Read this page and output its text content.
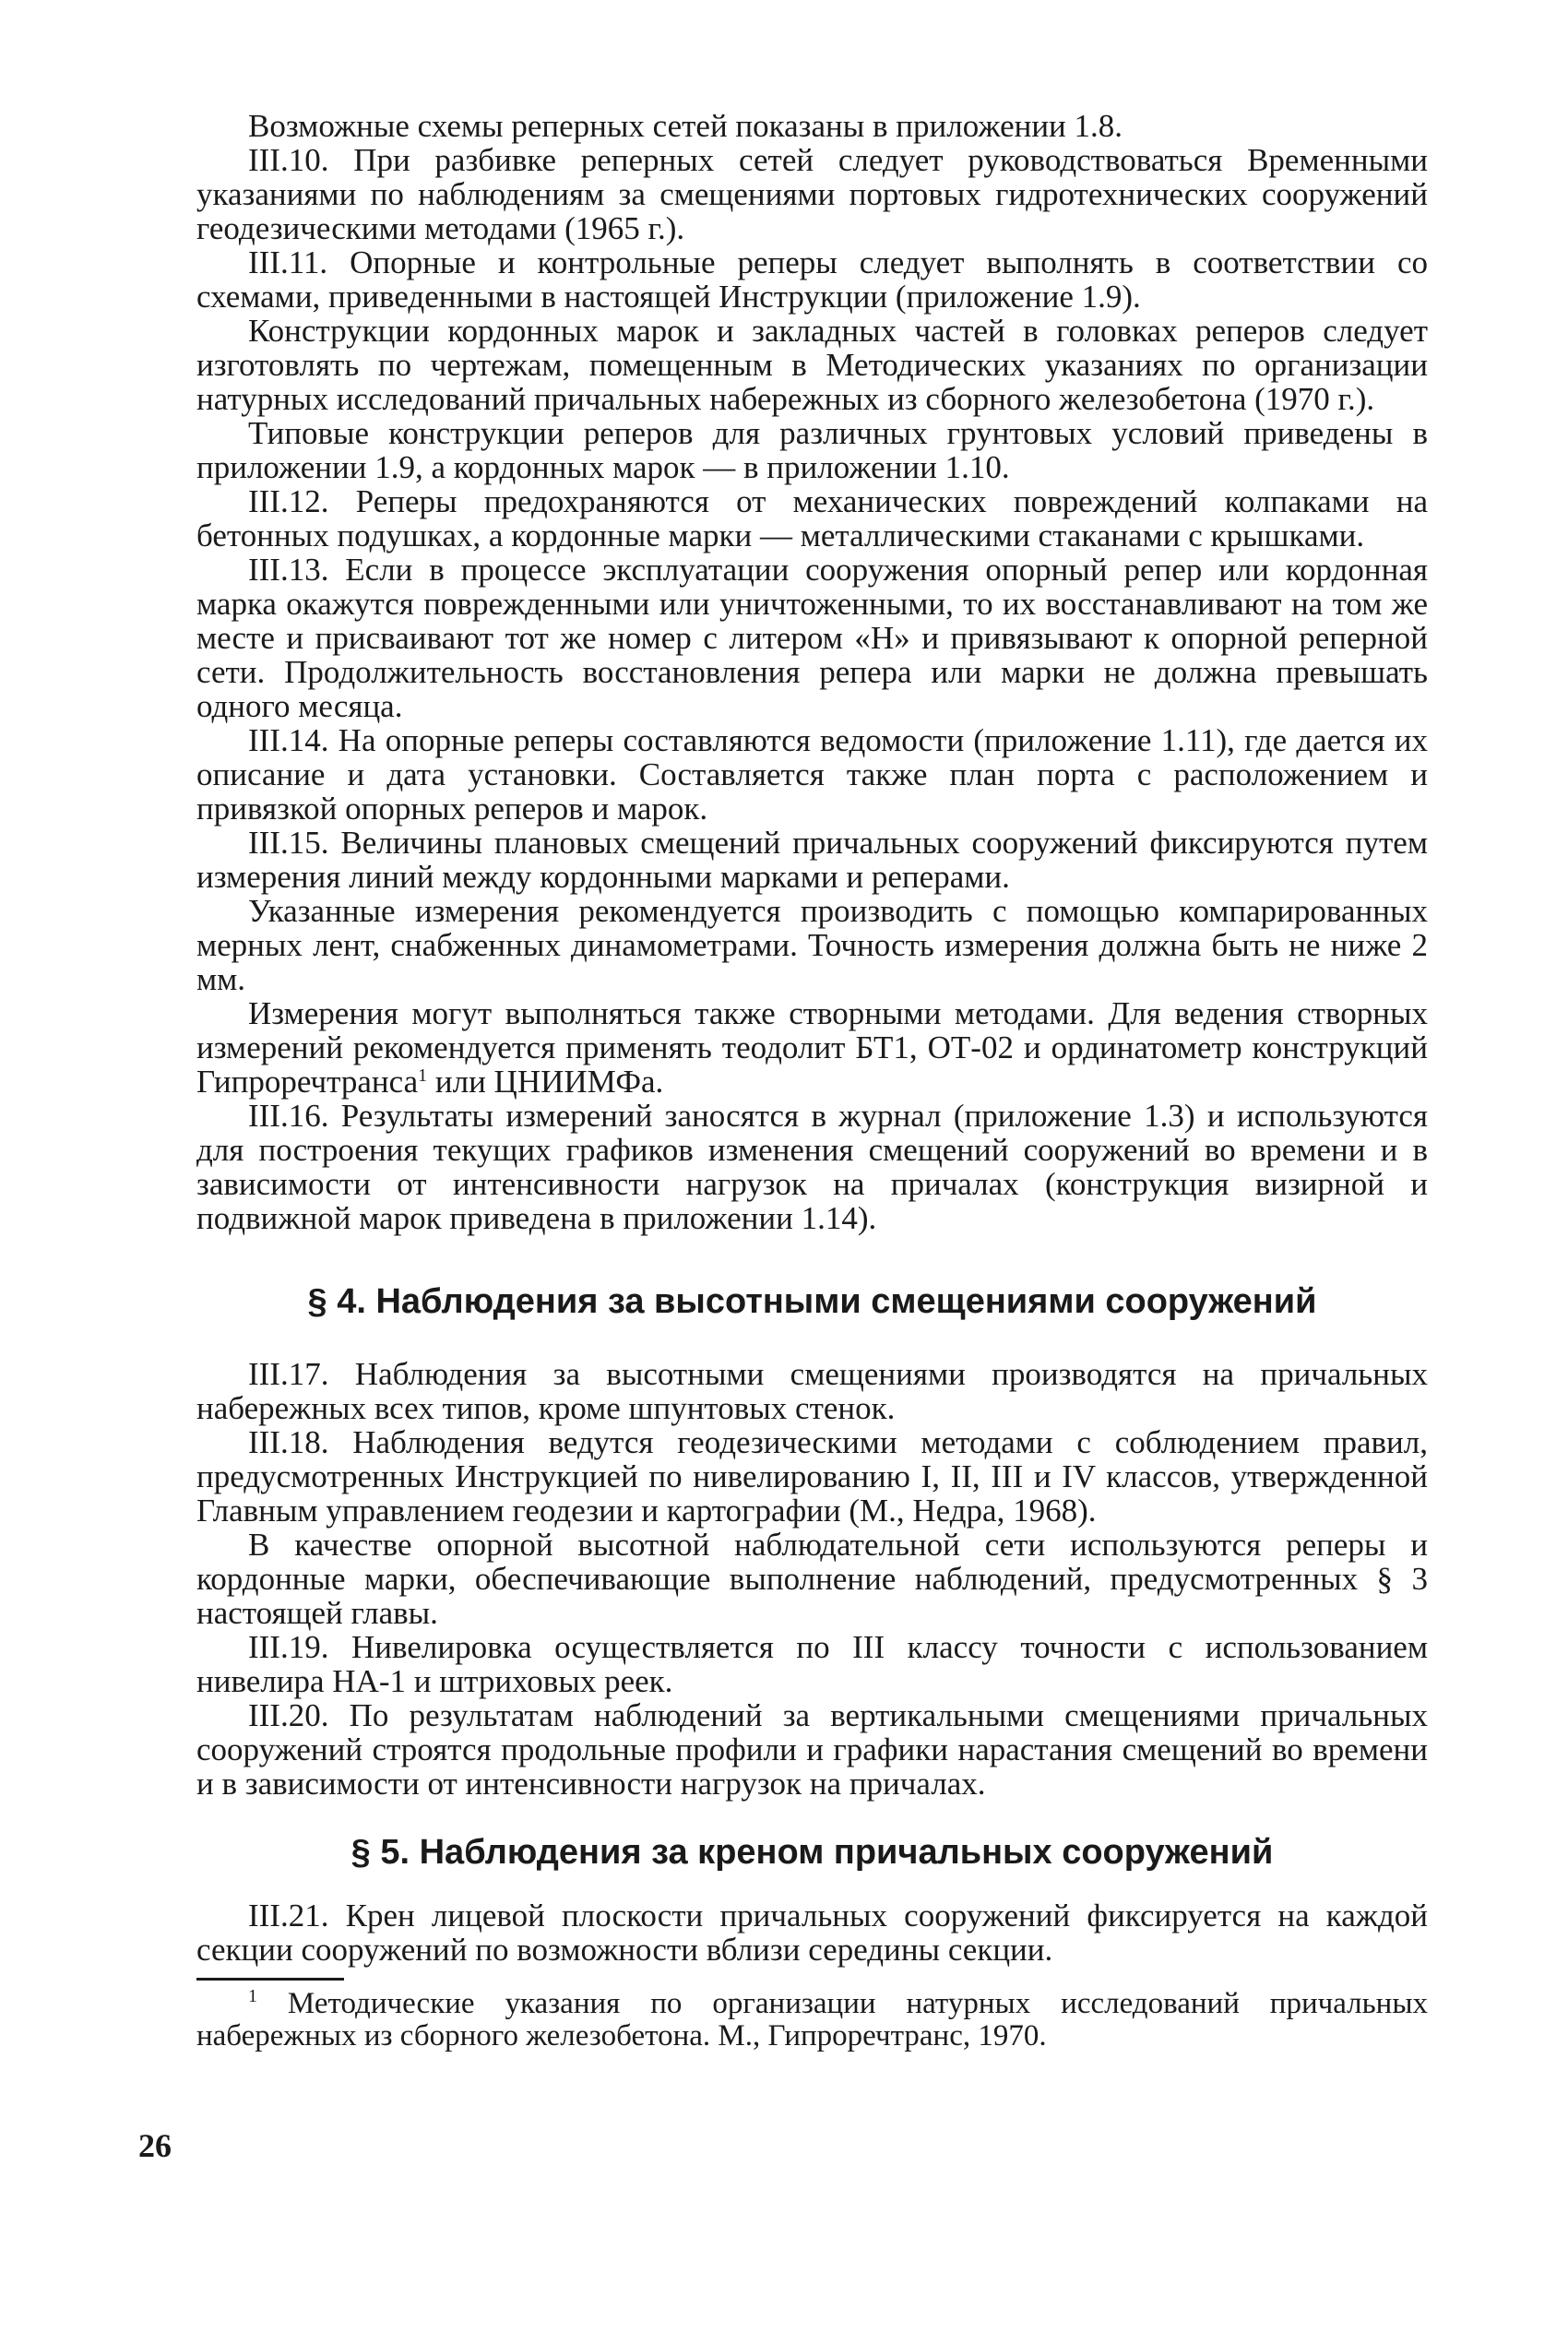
Возможные схемы реперных сетей показаны в приложении 1.8.

III.10. При разбивке реперных сетей следует руководствоваться Временными указаниями по наблюдениям за смещениями портовых гидротехнических сооружений геодезическими методами (1965 г.).

III.11. Опорные и контрольные реперы следует выполнять в соответствии со схемами, приведенными в настоящей Инструкции (приложение 1.9).

Конструкции кордонных марок и закладных частей в головках реперов следует изготовлять по чертежам, помещенным в Методических указаниях по организации натурных исследований причальных набережных из сборного железобетона (1970 г.).

Типовые конструкции реперов для различных грунтовых условий приведены в приложении 1.9, а кордонных марок — в приложении 1.10.

III.12. Реперы предохраняются от механических повреждений колпаками на бетонных подушках, а кордонные марки — металлическими стаканами с крышками.

III.13. Если в процессе эксплуатации сооружения опорный репер или кордонная марка окажутся поврежденными или уничтоженными, то их восстанавливают на том же месте и присваивают тот же номер с литером «Н» и привязывают к опорной реперной сети. Продолжительность восстановления репера или марки не должна превышать одного месяца.

III.14. На опорные реперы составляются ведомости (приложение 1.11), где дается их описание и дата установки. Составляется также план порта с расположением и привязкой опорных реперов и марок.

III.15. Величины плановых смещений причальных сооружений фиксируются путем измерения линий между кордонными марками и реперами.

Указанные измерения рекомендуется производить с помощью компарированных мерных лент, снабженных динамометрами. Точность измерения должна быть не ниже 2 мм.

Измерения могут выполняться также створными методами. Для ведения створных измерений рекомендуется применять теодолит БТ1, ОТ-02 и ординатометр конструкций Гипроречтранса$^1$ или ЦНИИМФа.

III.16. Результаты измерений заносятся в журнал (приложение 1.3) и используются для построения текущих графиков изменения смещений сооружений во времени и в зависимости от интенсивности нагрузок на причалах (конструкция визирной и подвижной марок приведена в приложении 1.14).

§ 4. Наблюдения за высотными смещениями сооружений

III.17. Наблюдения за высотными смещениями производятся на причальных набережных всех типов, кроме шпунтовых стенок.

III.18. Наблюдения ведутся геодезическими методами с соблюдением правил, предусмотренных Инструкцией по нивелированию I, II, III и IV классов, утвержденной Главным управлением геодезии и картографии (М., Недра, 1968).

В качестве опорной высотной наблюдательной сети используются реперы и кордонные марки, обеспечивающие выполнение наблюдений, предусмотренных § 3 настоящей главы.

III.19. Нивелировка осуществляется по III классу точности с использованием нивелира НА-1 и штриховых реек.

III.20. По результатам наблюдений за вертикальными смещениями причальных сооружений строятся продольные профили и графики нарастания смещений во времени и в зависимости от интенсивности нагрузок на причалах.

§ 5. Наблюдения за креном причальных сооружений

III.21. Крен лицевой плоскости причальных сооружений фиксируется на каждой секции сооружений по возможности вблизи середины секции.

$^1$ Методические указания по организации натурных исследований причальных набережных из сборного железобетона. М., Гипроречтранс, 1970.

26
